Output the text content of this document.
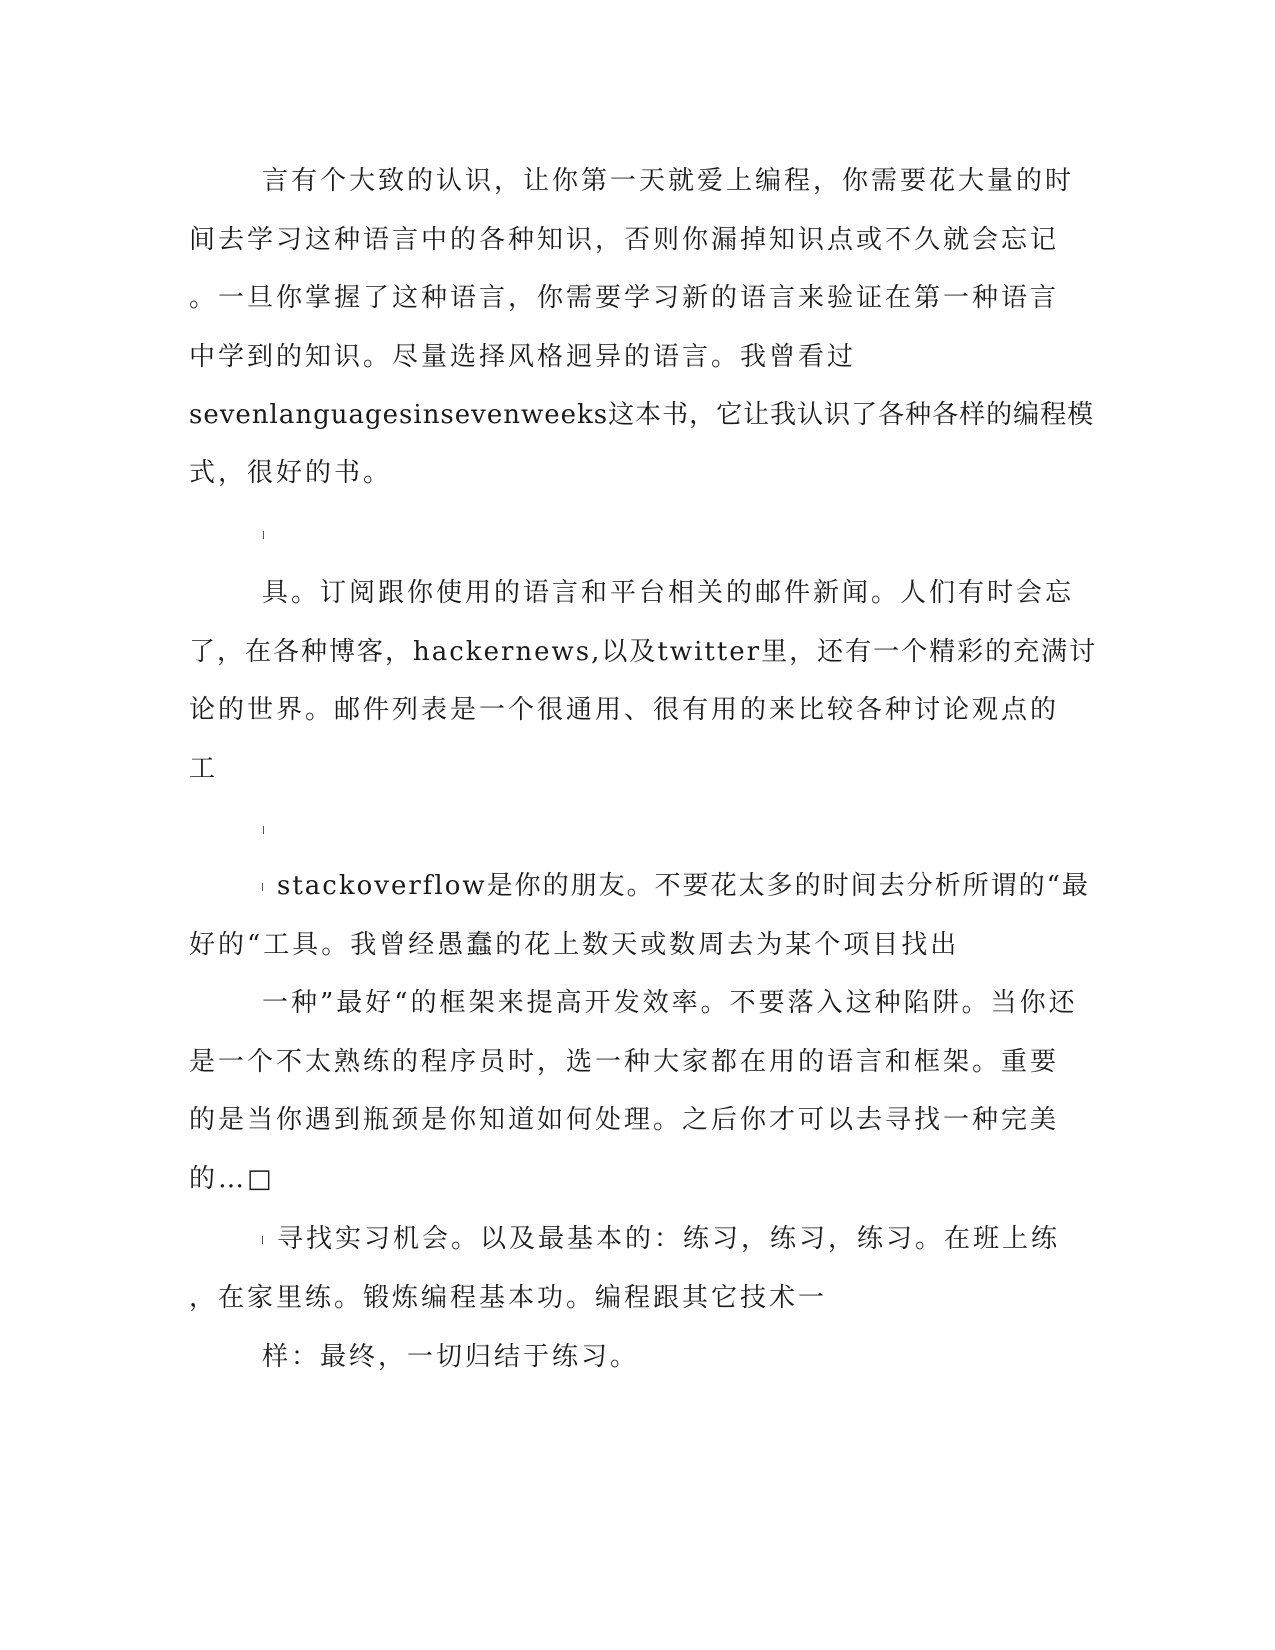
言有个大致的认识，让你第一天就爱上编程，你需要花大量的时
间去学习这种语言中的各种知识，否则你漏掉知识点或不久就会忘记
。一旦你掌握了这种语言，你需要学习新的语言来验证在第一种语言
中学到的知识。尽量选择风格迥异的语言。我曾看过
sevenlanguagesinsevenweeks这本书，它让我认识了各种各样的编程模
式，很好的书。
具。订阅跟你使用的语言和平台相关的邮件新闻。人们有时会忘
了，在各种博客，hackernews,以及twitter里，还有一个精彩的充满讨
论的世界。邮件列表是一个很通用、很有用的来比较各种讨论观点的
工
stackoverflow是你的朋友。不要花太多的时间去分析所谓的“最
好的“工具。我曾经愚蠢的花上数天或数周去为某个项目找出
一种”最好“的框架来提高开发效率。不要落入这种陷阱。当你还
是一个不太熟练的程序员时，选一种大家都在用的语言和框架。重要
的是当你遇到瓶颈是你知道如何处理。之后你才可以去寻找一种完美
的…□
寻找实习机会。以及最基本的：练习，练习，练习。在班上练
，在家里练。锻炼编程基本功。编程跟其它技术一
样：最终，一切归结于练习。
